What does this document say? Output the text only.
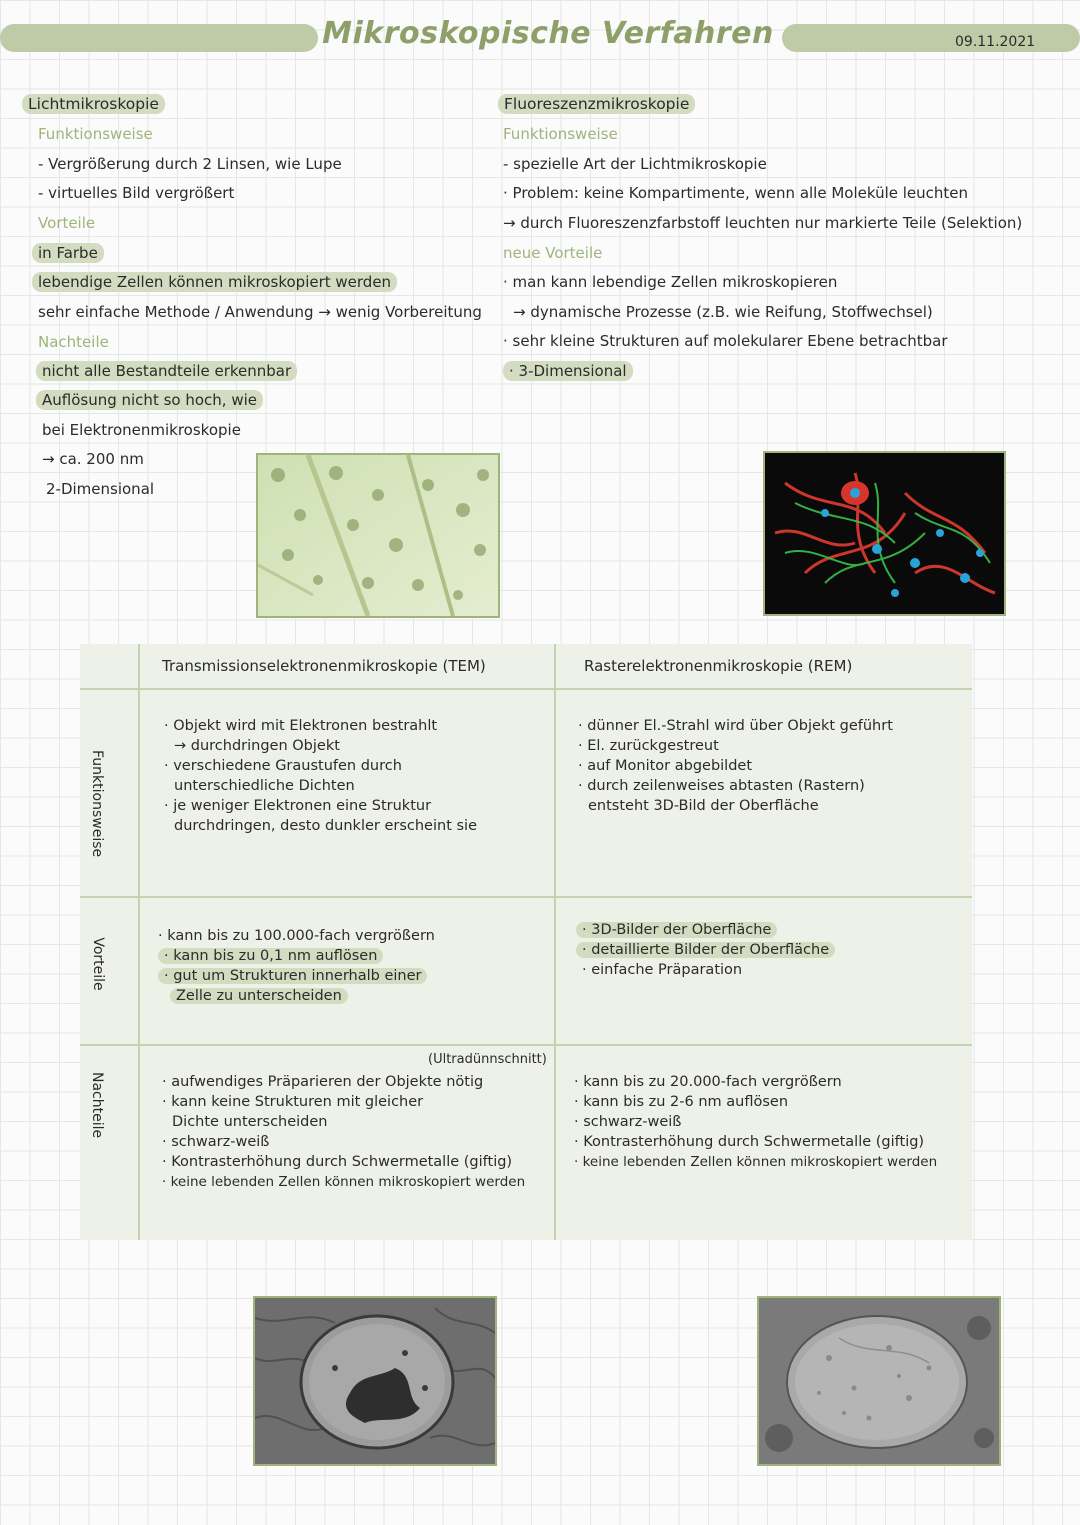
Mikroskopische Verfahren	09.11.2021
Lichtmikroskopie
Funktionsweise
- Vergrößerung durch 2 Linsen, wie Lupe
- virtuelles Bild vergrößert
Vorteile
in Farbe
lebendige Zellen können mikroskopiert werden
sehr einfache Methode / Anwendung → wenig Vorbereitung
Nachteile
nicht alle Bestandteile erkennbar
Auflösung nicht so hoch, wie
bei Elektronenmikroskopie
→ ca. 200 nm
2-Dimensional
Fluoreszenzmikroskopie
Funktionsweise
- spezielle Art der Lichtmikroskopie
· Problem: keine Kompartimente, wenn alle Moleküle leuchten
→ durch Fluoreszenzfarbstoff leuchten nur markierte Teile (Selektion)
neue Vorteile
· man kann lebendige Zellen mikroskopieren
→ dynamische Prozesse (z.B. wie Reifung, Stoffwechsel)
· sehr kleine Strukturen auf molekularer Ebene betrachtbar
· 3-Dimensional
Transmissionselektronenmikroskopie (TEM)	Rasterelektronenmikroskopie (REM)
Funktionsweise
Vorteile
Nachteile
· Objekt wird mit Elektronen bestrahlt
→ durchdringen Objekt
· verschiedene Graustufen durch
unterschiedliche Dichten
· je weniger Elektronen eine Struktur
durchdringen, desto dunkler erscheint sie
· dünner El.-Strahl wird über Objekt geführt
· El. zurückgestreut
· auf Monitor abgebildet
· durch zeilenweises abtasten (Rastern)
entsteht 3D-Bild der Oberfläche
· kann bis zu 100.000-fach vergrößern
· kann bis zu 0,1 nm auflösen
· gut um Strukturen innerhalb einer
Zelle zu unterscheiden
· 3D-Bilder der Oberfläche
· detaillierte Bilder der Oberfläche
· einfache Präparation
(Ultradünnschnitt)
· aufwendiges Präparieren der Objekte nötig
· kann keine Strukturen mit gleicher
Dichte unterscheiden
· schwarz-weiß
· Kontrasterhöhung durch Schwermetalle (giftig)
· keine lebenden Zellen können mikroskopiert werden
· kann bis zu 20.000-fach vergrößern
· kann bis zu 2-6 nm auflösen
· schwarz-weiß
· Kontrasterhöhung durch Schwermetalle (giftig)
· keine lebenden Zellen können mikroskopiert werden
